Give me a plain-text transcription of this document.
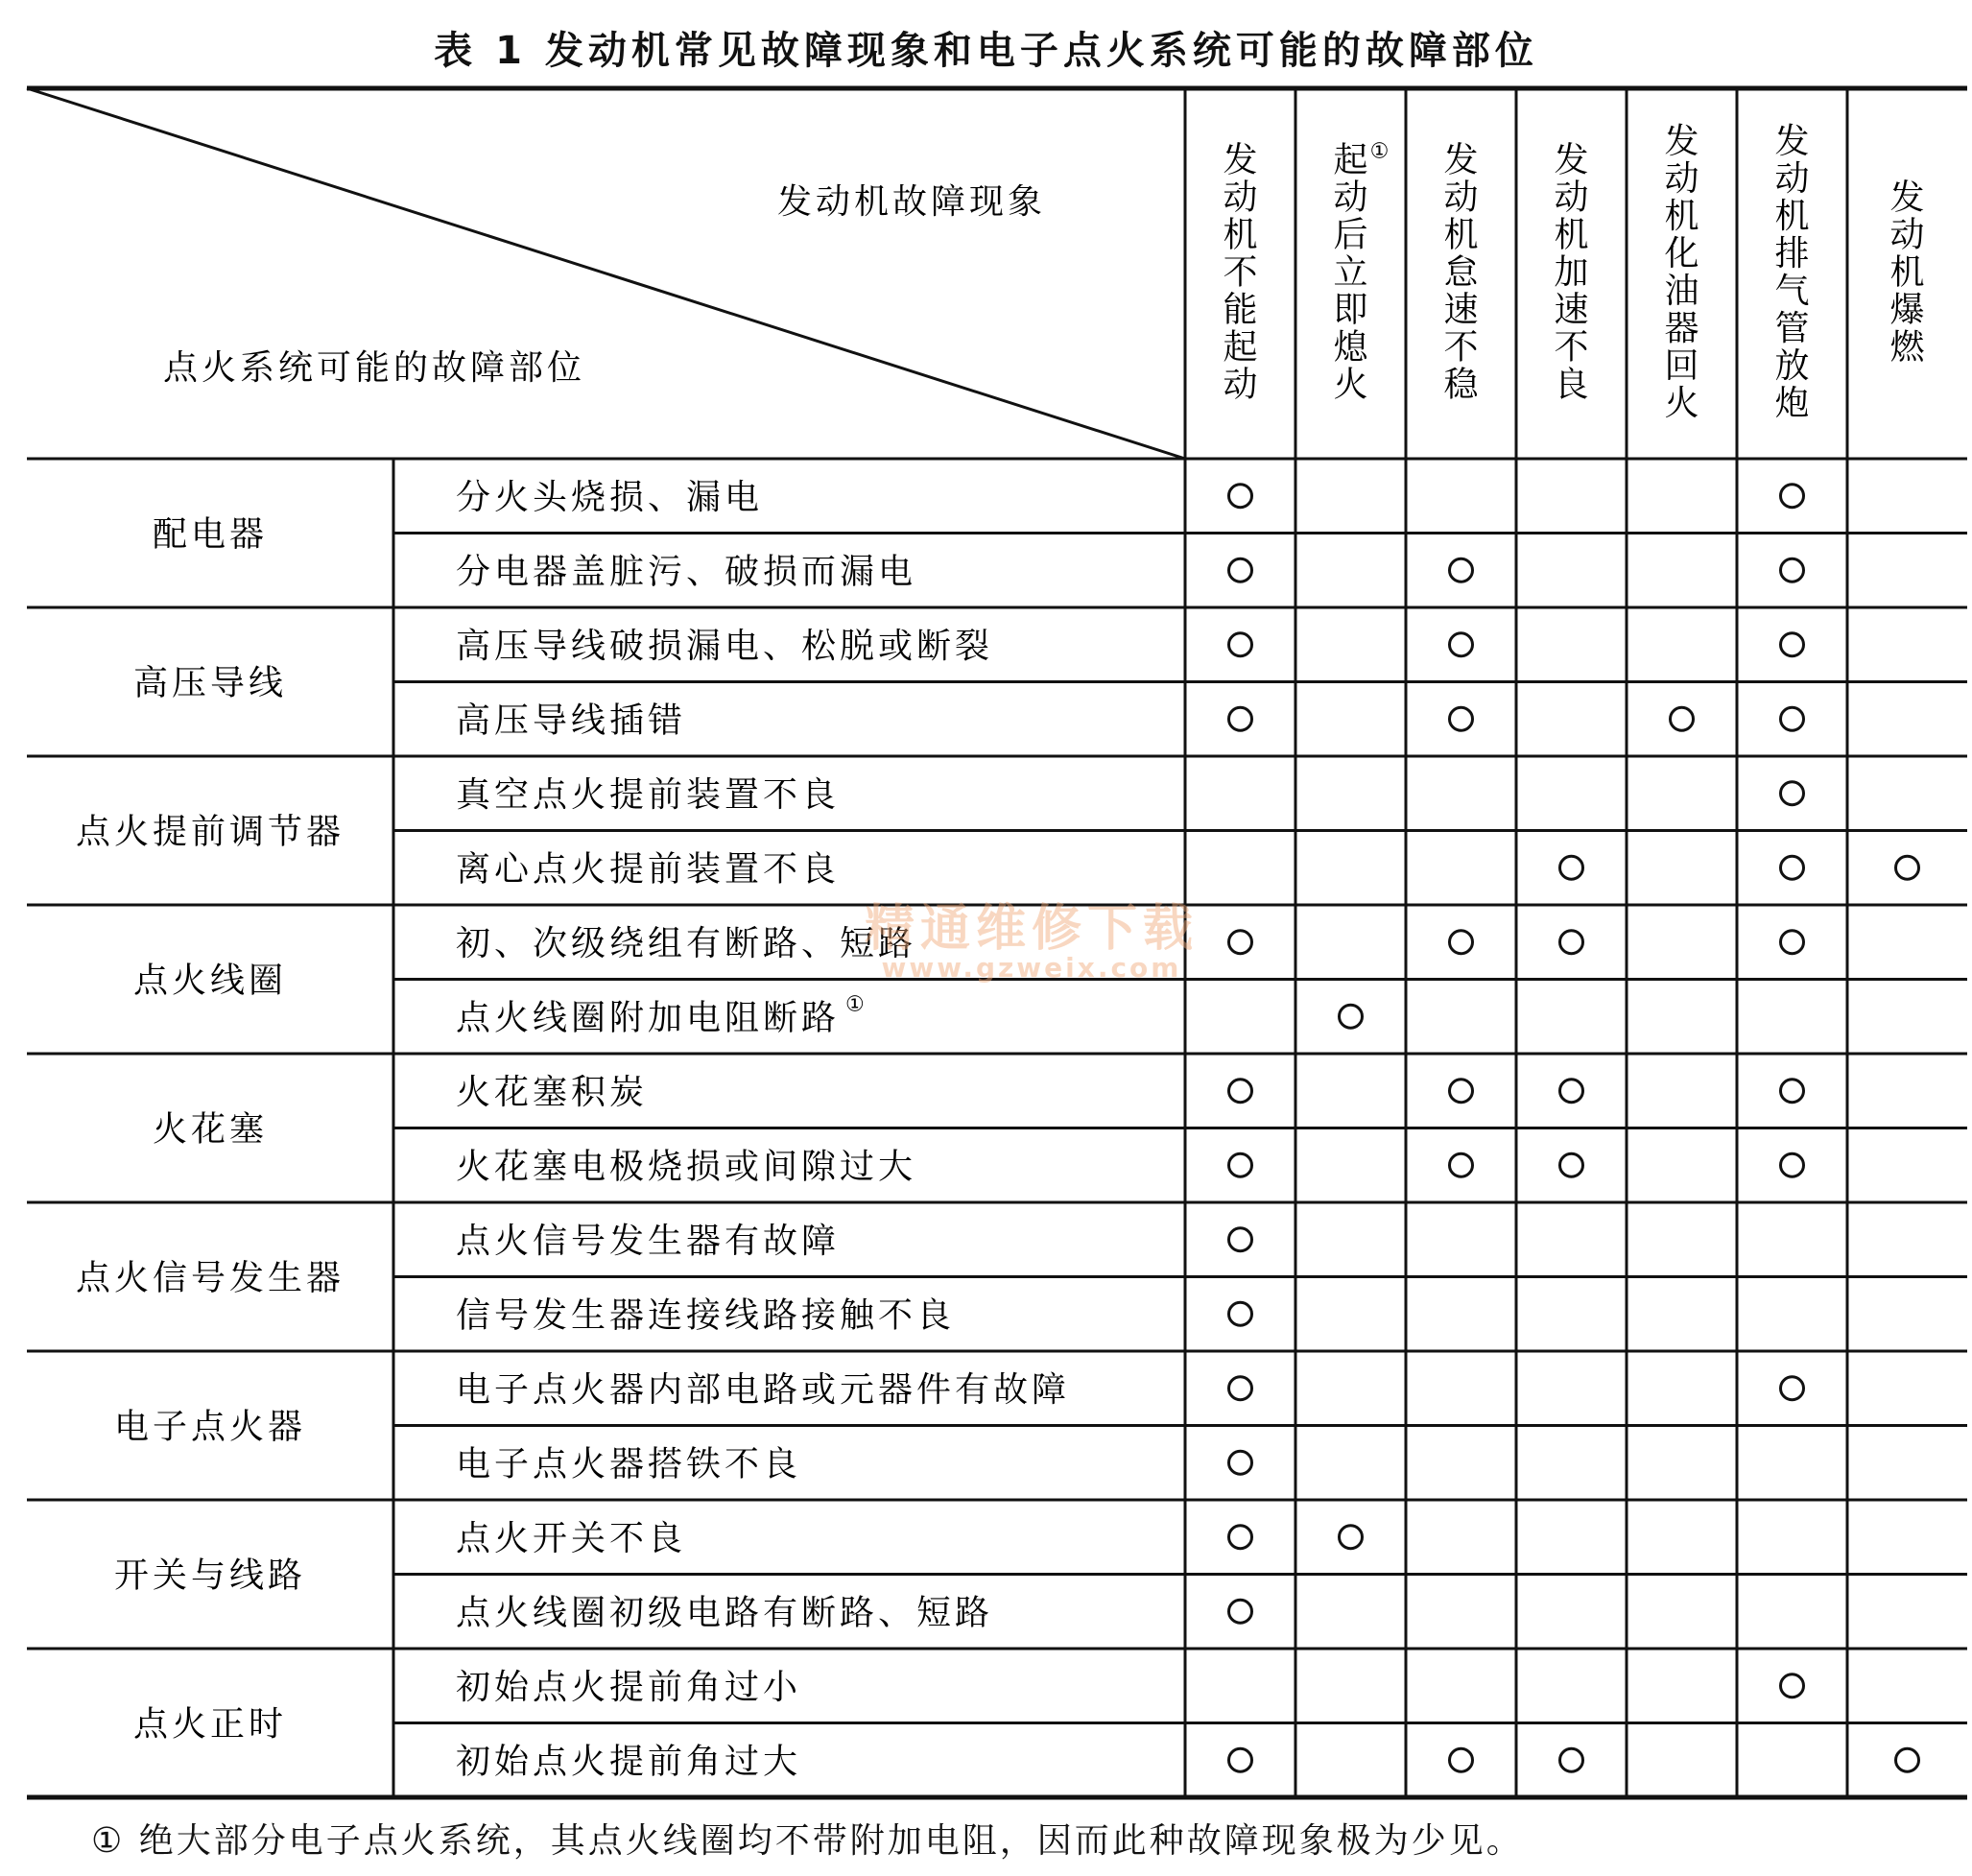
表 1 发动机常见故障现象和电子点火系统可能的故障部位
发动机故障现象
点火系统可能的故障部位
发
动
机
不
能
起
动
起
动
后
立
即
熄
火
① 发
动
机
怠
速
不
稳
发
动
机
加
速
不
良
发
动
机
化
油
器
回
火
发
动
机
排
气
管
放
炮
发
动
机
爆
燃
配电器
分火头烧损、漏电
分电器盖脏污、破损而漏电
高压导线
高压导线破损漏电、松脱或断裂
高压导线插错
点火提前调节器
真空点火提前装置不良
离心点火提前装置不良
点火线圈
初、次级绕组有断路、短路
点火线圈附加电阻断路 ①
火花塞
火花塞积炭
火花塞电极烧损或间隙过大
点火信号发生器
点火信号发生器有故障
信号发生器连接线路接触不良
电子点火器
电子点火器内部电路或元器件有故障
电子点火器搭铁不良
开关与线路
点火开关不良
点火线圈初级电路有断路、短路
点火正时
初始点火提前角过小
初始点火提前角过大
精通维修下载
www.gzweix.com
① 绝大部分电子点火系统，其点火线圈均不带附加电阻，因而此种故障现象极为少见。
